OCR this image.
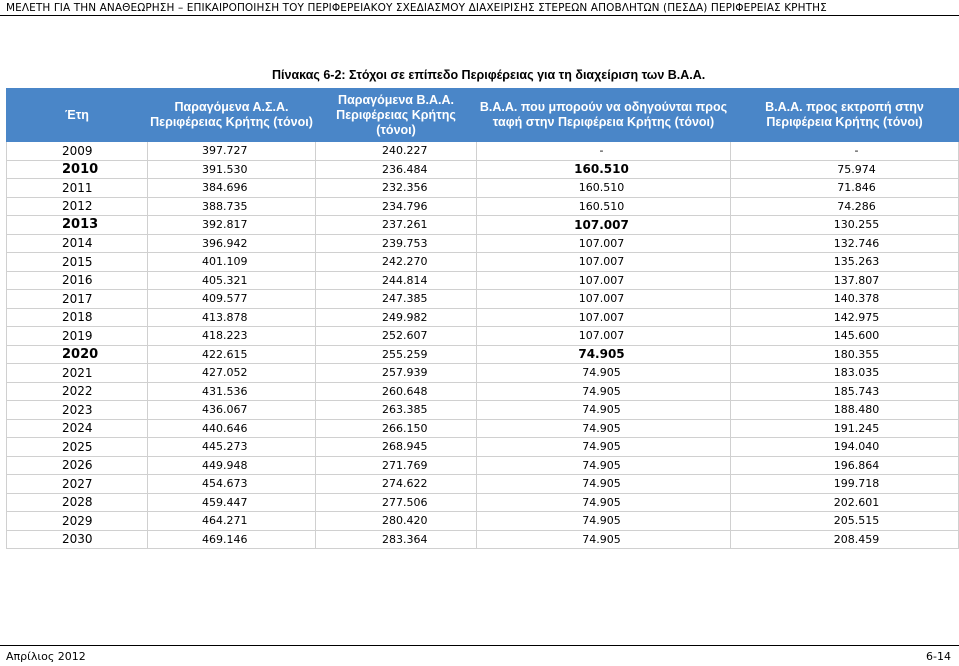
ΜΕΛΕΤΗ ΓΙΑ ΤΗΝ ΑΝΑΘΕΩΡΗΣΗ – ΕΠΙΚΑΙΡΟΠΟΙΗΣΗ ΤΟΥ ΠΕΡΙΦΕΡΕΙΑΚΟΥ ΣΧΕΔΙΑΣΜΟΥ ΔΙΑΧΕΙΡΙΣΗΣ ΣΤΕΡΕΩΝ ΑΠΟΒΛΗΤΩΝ (ΠΕΣΔΑ) ΠΕΡΙΦΕΡΕΙΑΣ ΚΡΗΤΗΣ
Πίνακας 6-2: Στόχοι σε επίπεδο Περιφέρειας για τη διαχείριση των Β.Α.Α.
Έτη	Παραγόμενα Α.Σ.Α. Περιφέρειας Κρήτης (τόνοι)	Παραγόμενα Β.Α.Α. Περιφέρειας Κρήτης (τόνοι)	Β.Α.Α. που μπορούν να οδηγούνται προς ταφή στην Περιφέρεια Κρήτης (τόνοι)	Β.Α.Α. προς εκτροπή στην Περιφέρεια Κρήτης (τόνοι)
2009	397.727	240.227	-	-
2010	391.530	236.484	160.510	75.974
2011	384.696	232.356	160.510	71.846
2012	388.735	234.796	160.510	74.286
2013	392.817	237.261	107.007	130.255
2014	396.942	239.753	107.007	132.746
2015	401.109	242.270	107.007	135.263
2016	405.321	244.814	107.007	137.807
2017	409.577	247.385	107.007	140.378
2018	413.878	249.982	107.007	142.975
2019	418.223	252.607	107.007	145.600
2020	422.615	255.259	74.905	180.355
2021	427.052	257.939	74.905	183.035
2022	431.536	260.648	74.905	185.743
2023	436.067	263.385	74.905	188.480
2024	440.646	266.150	74.905	191.245
2025	445.273	268.945	74.905	194.040
2026	449.948	271.769	74.905	196.864
2027	454.673	274.622	74.905	199.718
2028	459.447	277.506	74.905	202.601
2029	464.271	280.420	74.905	205.515
2030	469.146	283.364	74.905	208.459
Απρίλιος 2012	6-14
